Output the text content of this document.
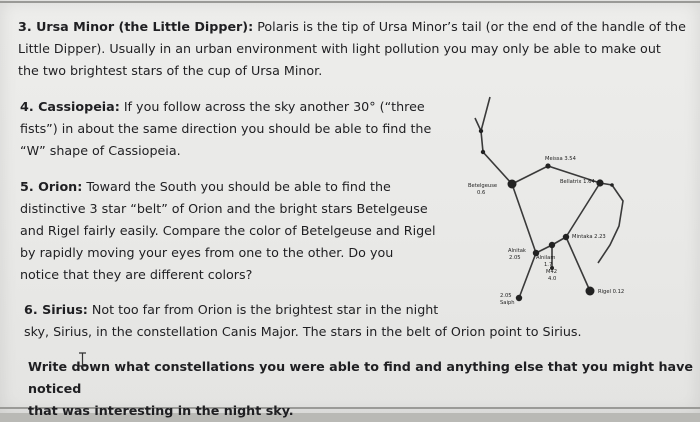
3. Ursa Minor (the Little Dipper): Polaris is the tip of Ursa Minor’s tail (or the end of the handle of the
Little Dipper). Usually in an urban environment with light pollution you may only be able to make out
the two brightest stars of the cup of Ursa Minor.
4. Cassiopeia: If you follow across the sky another 30° (“three
fists”) in about the same direction you should be able to find the
“W” shape of Cassiopeia.
5. Orion: Toward the South you should be able to find the
distinctive 3 star “belt” of Orion and the bright stars Betelgeuse
and Rigel fairly easily. Compare the color of Betelgeuse and Rigel
by rapidly moving your eyes from one to the other. Do you
notice that they are different colors?
6. Sirius: Not too far from Orion is the brightest star in the night
sky, Sirius, in the constellation Canis Major. The stars in the belt of Orion point to Sirius.
Write down what constellations you were able to find and anything else that you might have noticed
that was interesting in the night sky.
Betelgeuse
0.6
Meissa 3.54
Bellatrix 1.64
Mintaka 2.23
Alnitak
2.05	Alnilam
1.7
M42
4.0
2.05
Saiph
Rigel 0.12
